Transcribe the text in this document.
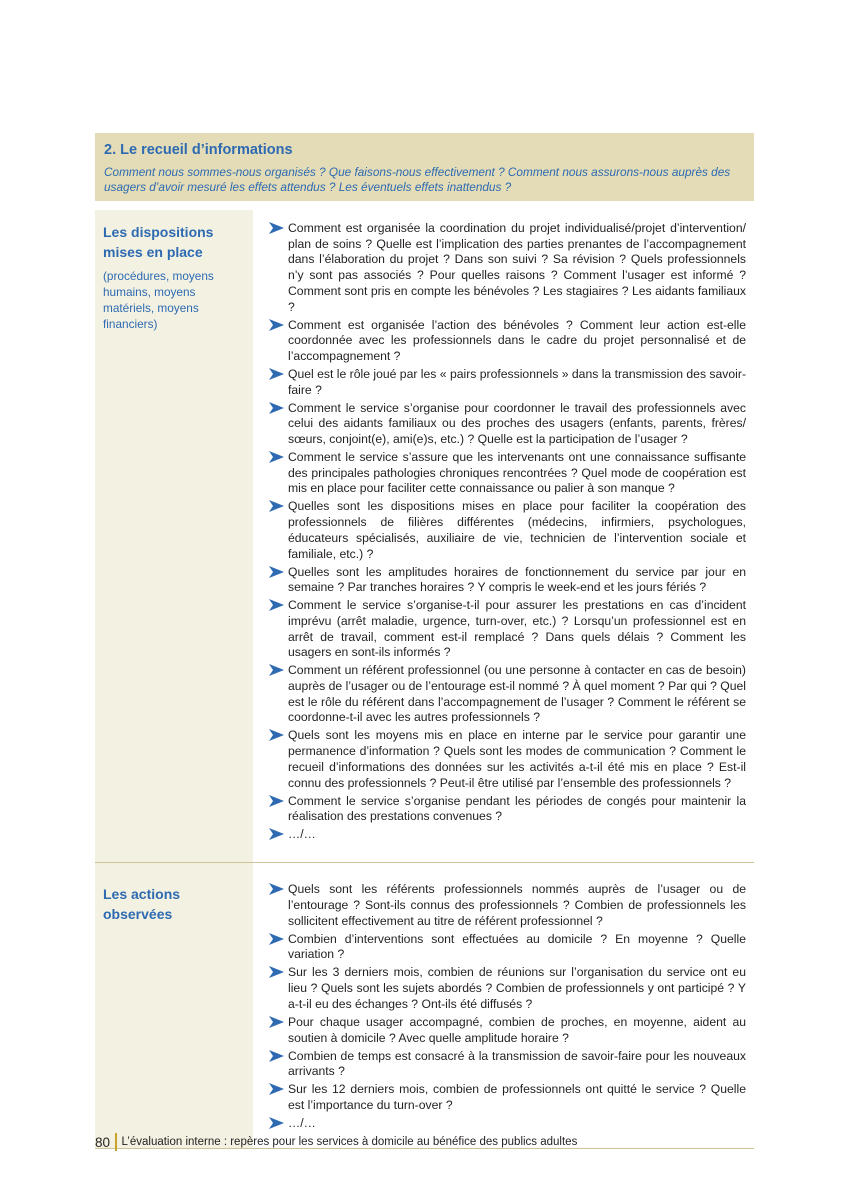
2. Le recueil d’informations
Comment nous sommes-nous organisés ? Que faisons-nous effectivement ? Comment nous assurons-nous auprès des usagers d’avoir mesuré les effets attendus ? Les éventuels effets inattendus ?
Les dispositions mises en place
(procédures, moyens humains, moyens matériels, moyens financiers)
Comment est organisée la coordination du projet individualisé/projet d’intervention/ plan de soins ? Quelle est l’implication des parties prenantes de l’accompagnement dans l’élaboration du projet ? Dans son suivi ? Sa révision ? Quels professionnels n’y sont pas associés ? Pour quelles raisons ? Comment l’usager est informé ? Comment sont pris en compte les bénévoles ? Les stagiaires ? Les aidants familiaux ?
Comment est organisée l’action des bénévoles ? Comment leur action est-elle coordonnée avec les professionnels dans le cadre du projet personnalisé et de l’accompagnement ?
Quel est le rôle joué par les « pairs professionnels » dans la transmission des savoir-faire ?
Comment le service s’organise pour coordonner le travail des professionnels avec celui des aidants familiaux ou des proches des usagers (enfants, parents, frères/ sœurs, conjoint(e), ami(e)s, etc.) ? Quelle est la participation de l’usager ?
Comment le service s’assure que les intervenants ont une connaissance suffisante des principales pathologies chroniques rencontrées ? Quel mode de coopération est mis en place pour faciliter cette connaissance ou palier à son manque ?
Quelles sont les dispositions mises en place pour faciliter la coopération des professionnels de filières différentes (médecins, infirmiers, psychologues, éducateurs spécialisés, auxiliaire de vie, technicien de l’intervention sociale et familiale, etc.) ?
Quelles sont les amplitudes horaires de fonctionnement du service par jour en semaine ? Par tranches horaires ? Y compris le week-end et les jours fériés ?
Comment le service s’organise-t-il pour assurer les prestations en cas d’incident imprévu (arrêt maladie, urgence, turn-over, etc.) ? Lorsqu’un professionnel est en arrêt de travail, comment est-il remplacé ? Dans quels délais ? Comment les usagers en sont-ils informés ?
Comment un référent professionnel (ou une personne à contacter en cas de besoin) auprès de l’usager ou de l’entourage est-il nommé ? À quel moment ? Par qui ? Quel est le rôle du référent dans l’accompagnement de l’usager ? Comment le référent se coordonne-t-il avec les autres professionnels ?
Quels sont les moyens mis en place en interne par le service pour garantir une permanence d’information ? Quels sont les modes de communication ? Comment le recueil d’informations des données sur les activités a-t-il été mis en place ? Est-il connu des professionnels ? Peut-il être utilisé par l’ensemble des professionnels ?
Comment le service s’organise pendant les périodes de congés pour maintenir la réalisation des prestations convenues ?
…/…
Les actions observées
Quels sont les référents professionnels nommés auprès de l’usager ou de l’entourage ? Sont-ils connus des professionnels ? Combien de professionnels les sollicitent effectivement au titre de référent professionnel ?
Combien d’interventions sont effectuées au domicile ? En moyenne ? Quelle variation ?
Sur les 3 derniers mois, combien de réunions sur l’organisation du service ont eu lieu ? Quels sont les sujets abordés ? Combien de professionnels y ont participé ? Y a-t-il eu des échanges ? Ont-ils été diffusés ?
Pour chaque usager accompagné, combien de proches, en moyenne, aident au soutien à domicile ? Avec quelle amplitude horaire ?
Combien de temps est consacré à la transmission de savoir-faire pour les nouveaux arrivants ?
Sur les 12 derniers mois, combien de professionnels ont quitté le service ? Quelle est l’importance du turn-over ?
…/…
80	L’évaluation interne : repères pour les services à domicile au bénéfice des publics adultes
